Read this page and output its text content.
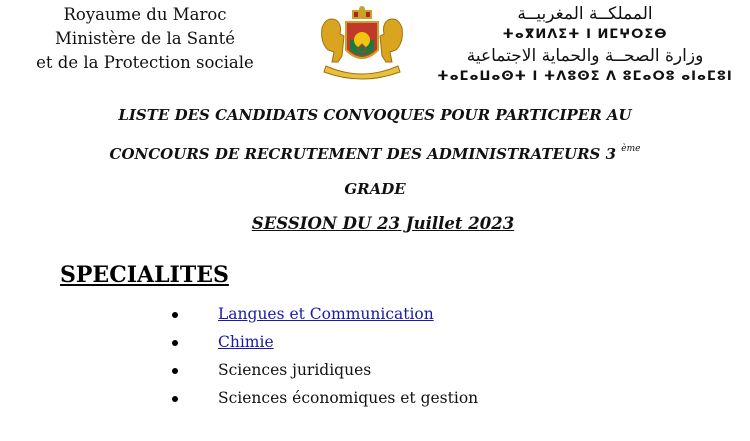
Royaume du Maroc
Ministère de la Santé
et de la Protection sociale
المملكــة المغربيــة
ⵜⴰⴳⵍⴷⵉⵜ ⵏ ⵍⵎⵖⵔⵉⴱ
وزارة الصحــة والحماية الاجتماعية
ⵜⴰⵎⴰⵡⴰⵙⵜ ⵏ ⵜⴷⵓⵙⵉ ⴷ ⵓⵎⴰⵔⵓ ⴰⵏⴰⵎⵓⵏ
LISTE DES CANDIDATS CONVOQUES POUR PARTICIPER AU
CONCOURS DE RECRUTEMENT DES ADMINISTRATEURS 3 $^{ème}$
GRADE
SESSION DU 23 Juillet 2023
SPECIALITES
Langues et Communication
Chimie
Sciences juridiques
Sciences économiques et gestion
